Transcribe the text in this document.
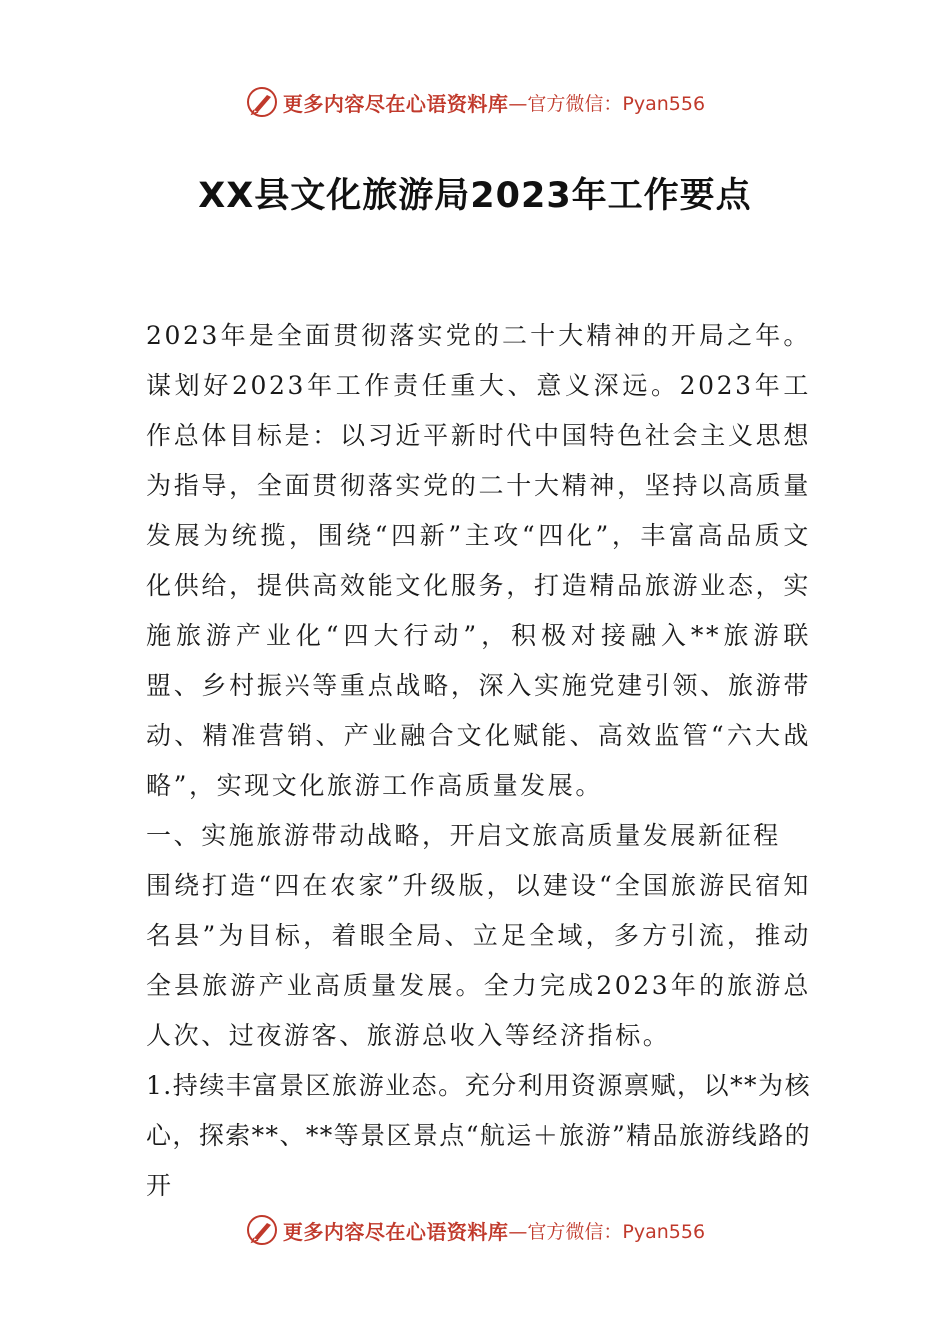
更多内容尽在心语资料库 —官方微信：Pyan556
XX县文化旅游局2023年工作要点

2023年是全面贯彻落实党的二十大精神的开局之年。谋划好2023年工作责任重大、意义深远。2023年工作总体目标是：以习近平新时代中国特色社会主义思想为指导，全面贯彻落实党的二十大精神，坚持以高质量发展为统揽，围绕“四新”主攻“四化”，丰富高品质文化供给，提供高效能文化服务，打造精品旅游业态，实施旅游产业化“四大行动”，积极对接融入**旅游联盟、乡村振兴等重点战略，深入实施党建引领、旅游带动、精准营销、产业融合文化赋能、高效监管“六大战略”，实现文化旅游工作高质量发展。

一、实施旅游带动战略，开启文旅高质量发展新征程

围绕打造“四在农家”升级版，以建设“全国旅游民宿知名县”为目标，着眼全局、立足全域，多方引流，推动全县旅游产业高质量发展。全力完成2023年的旅游总人次、过夜游客、旅游总收入等经济指标。

1.持续丰富景区旅游业态。充分利用资源禀赋，以**为核心，探索**、**等景区景点“航运＋旅游”精品旅游线路的开

更多内容尽在心语资料库 —官方微信：Pyan556
